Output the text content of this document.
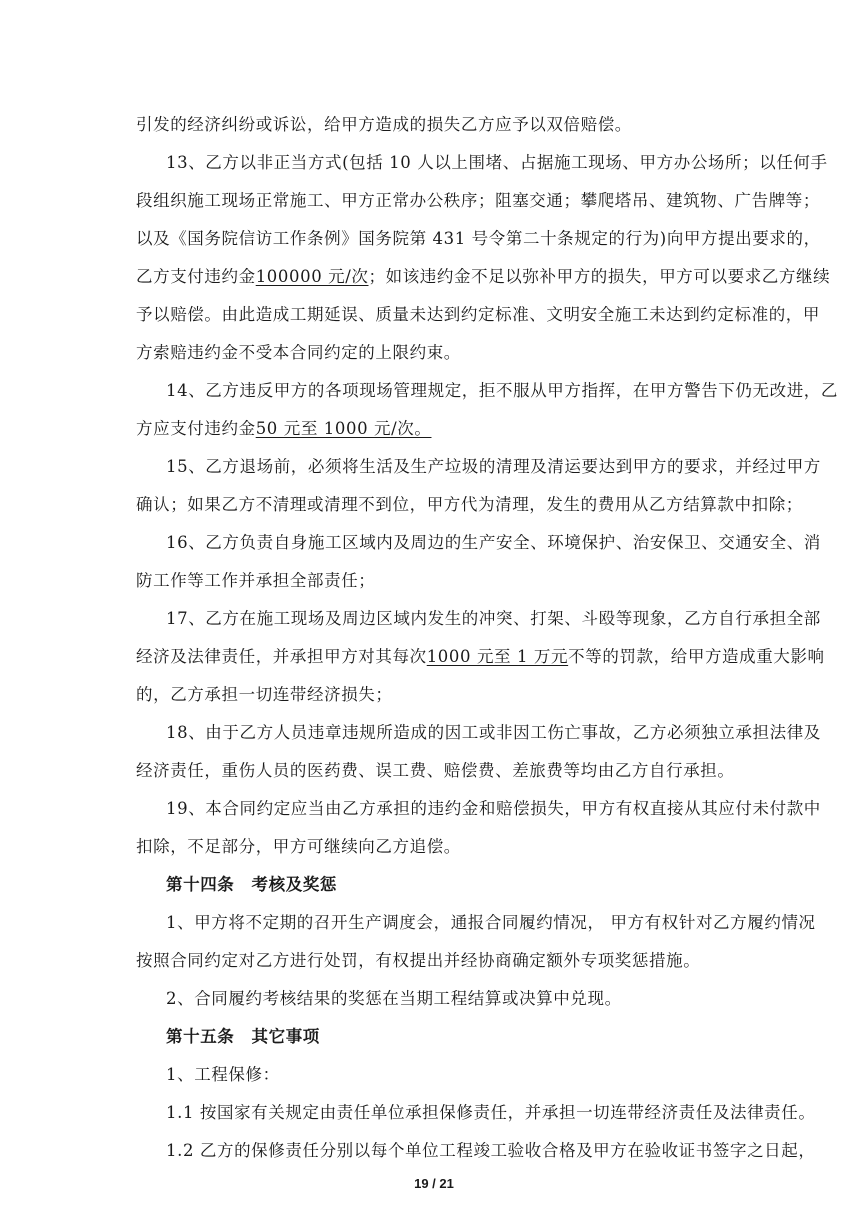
引发的经济纠纷或诉讼，给甲方造成的损失乙方应予以双倍赔偿。
13、乙方以非正当方式(包括 10 人以上围堵、占据施工现场、甲方办公场所；以任何手
段组织施工现场正常施工、甲方正常办公秩序；阻塞交通；攀爬塔吊、建筑物、广告牌等；
以及《国务院信访工作条例》国务院第 431 号令第二十条规定的行为)向甲方提出要求的，
乙方支付违约金100000 元/次；如该违约金不足以弥补甲方的损失，甲方可以要求乙方继续
予以赔偿。由此造成工期延误、质量未达到约定标准、文明安全施工未达到约定标准的，甲
方索赔违约金不受本合同约定的上限约束。
14、乙方违反甲方的各项现场管理规定，拒不服从甲方指挥，在甲方警告下仍无改进，乙
方应支付违约金50 元至 1000 元/次。
15、乙方退场前，必须将生活及生产垃圾的清理及清运要达到甲方的要求，并经过甲方
确认；如果乙方不清理或清理不到位，甲方代为清理，发生的费用从乙方结算款中扣除；
16、乙方负责自身施工区域内及周边的生产安全、环境保护、治安保卫、交通安全、消
防工作等工作并承担全部责任；
17、乙方在施工现场及周边区域内发生的冲突、打架、斗殴等现象，乙方自行承担全部
经济及法律责任，并承担甲方对其每次1000 元至 1 万元不等的罚款，给甲方造成重大影响
的，乙方承担一切连带经济损失；
18、由于乙方人员违章违规所造成的因工或非因工伤亡事故，乙方必须独立承担法律及
经济责任，重伤人员的医药费、误工费、赔偿费、差旅费等均由乙方自行承担。
19、本合同约定应当由乙方承担的违约金和赔偿损失，甲方有权直接从其应付未付款中
扣除，不足部分，甲方可继续向乙方追偿。
第十四条　考核及奖惩
1、甲方将不定期的召开生产调度会，通报合同履约情况， 甲方有权针对乙方履约情况
按照合同约定对乙方进行处罚，有权提出并经协商确定额外专项奖惩措施。
2、合同履约考核结果的奖惩在当期工程结算或决算中兑现。
第十五条　其它事项
1、工程保修：
1.1 按国家有关规定由责任单位承担保修责任，并承担一切连带经济责任及法律责任。
1.2 乙方的保修责任分别以每个单位工程竣工验收合格及甲方在验收证书签字之日起，
19 / 21
